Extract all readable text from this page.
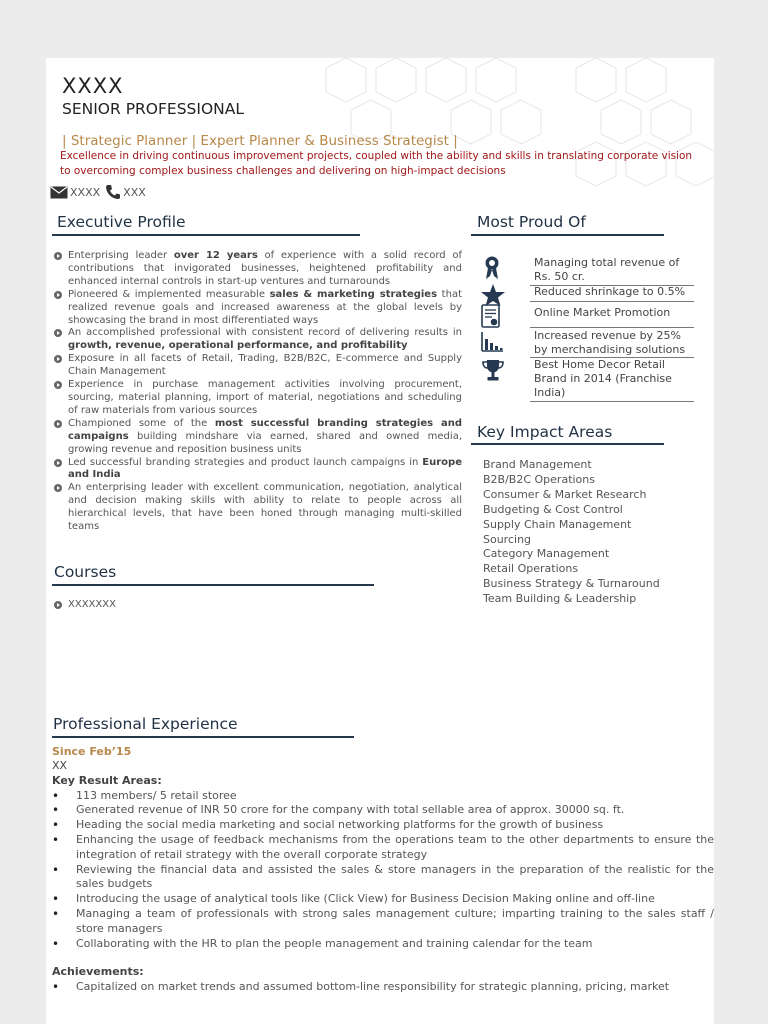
XXXX
SENIOR PROFESSIONAL
| Strategic Planner | Expert Planner & Business Strategist |
Excellence in driving continuous improvement projects, coupled with the ability and skills in translating corporate vision to overcoming complex business challenges and delivering on high-impact decisions
XXXX XXX
Executive Profile
Enterprising leader over 12 years of experience with a solid record of contributions that invigorated businesses, heightened profitability and enhanced internal controls in start-up ventures and turnarounds
Pioneered & implemented measurable sales & marketing strategies that realized revenue goals and increased awareness at the global levels by showcasing the brand in most differentiated ways
An accomplished professional with consistent record of delivering results in growth, revenue, operational performance, and profitability
Exposure in all facets of Retail, Trading, B2B/B2C, E-commerce and Supply Chain Management
Experience in purchase management activities involving procurement, sourcing, material planning, import of material, negotiations and scheduling of raw materials from various sources
Championed some of the most successful branding strategies and campaigns building mindshare via earned, shared and owned media, growing revenue and reposition business units
Led successful branding strategies and product launch campaigns in Europe and India
An enterprising leader with excellent communication, negotiation, analytical and decision making skills with ability to relate to people across all hierarchical levels, that have been honed through managing multi-skilled teams
Courses
XXXXXXX
Most Proud Of
Managing total revenue of Rs. 50 cr.
Reduced shrinkage to 0.5%
Online Market Promotion
Increased revenue by 25% by merchandising solutions
Best Home Decor Retail Brand in 2014 (Franchise India)
Key Impact Areas
Brand Management
B2B/B2C Operations
Consumer & Market Research
Budgeting & Cost Control
Supply Chain Management
Sourcing
Category Management
Retail Operations
Business Strategy & Turnaround
Team Building & Leadership
Professional Experience
Since Feb’15
XX
Key Result Areas:
• 113 members/ 5 retail storee
• Generated revenue of INR 50 crore for the company with total sellable area of approx. 30000 sq. ft.
• Heading the social media marketing and social networking platforms for the growth of business
• Enhancing the usage of feedback mechanisms from the operations team to the other departments to ensure the integration of retail strategy with the overall corporate strategy
• Reviewing the financial data and assisted the sales & store managers in the preparation of the realistic for the sales budgets
• Introducing the usage of analytical tools like (Click View) for Business Decision Making online and off-line
• Managing a team of professionals with strong sales management culture; imparting training to the sales staff / store managers
• Collaborating with the HR to plan the people management and training calendar for the team
Achievements:
• Capitalized on market trends and assumed bottom-line responsibility for strategic planning, pricing, market
